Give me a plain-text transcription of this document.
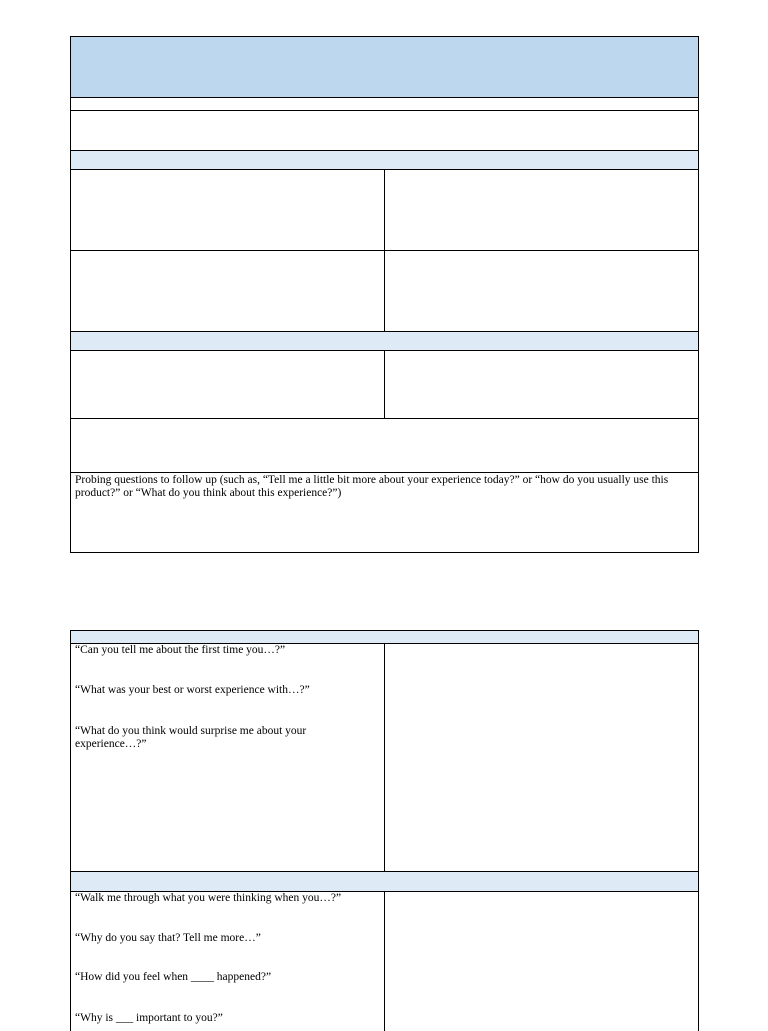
Probing questions to follow up (such as, “Tell me a little bit more about your experience today?” or “how do you usually use this product?” or “What do you think about this experience?”)
“Can you tell me about the first time you…?”
“What was your best or worst experience with…?”
“What do you think would surprise me about your experience…?”
“Walk me through what you were thinking when you…?”
“Why do you say that? Tell me more…”
“How did you feel when ____ happened?”
“Why is ___ important to you?”
